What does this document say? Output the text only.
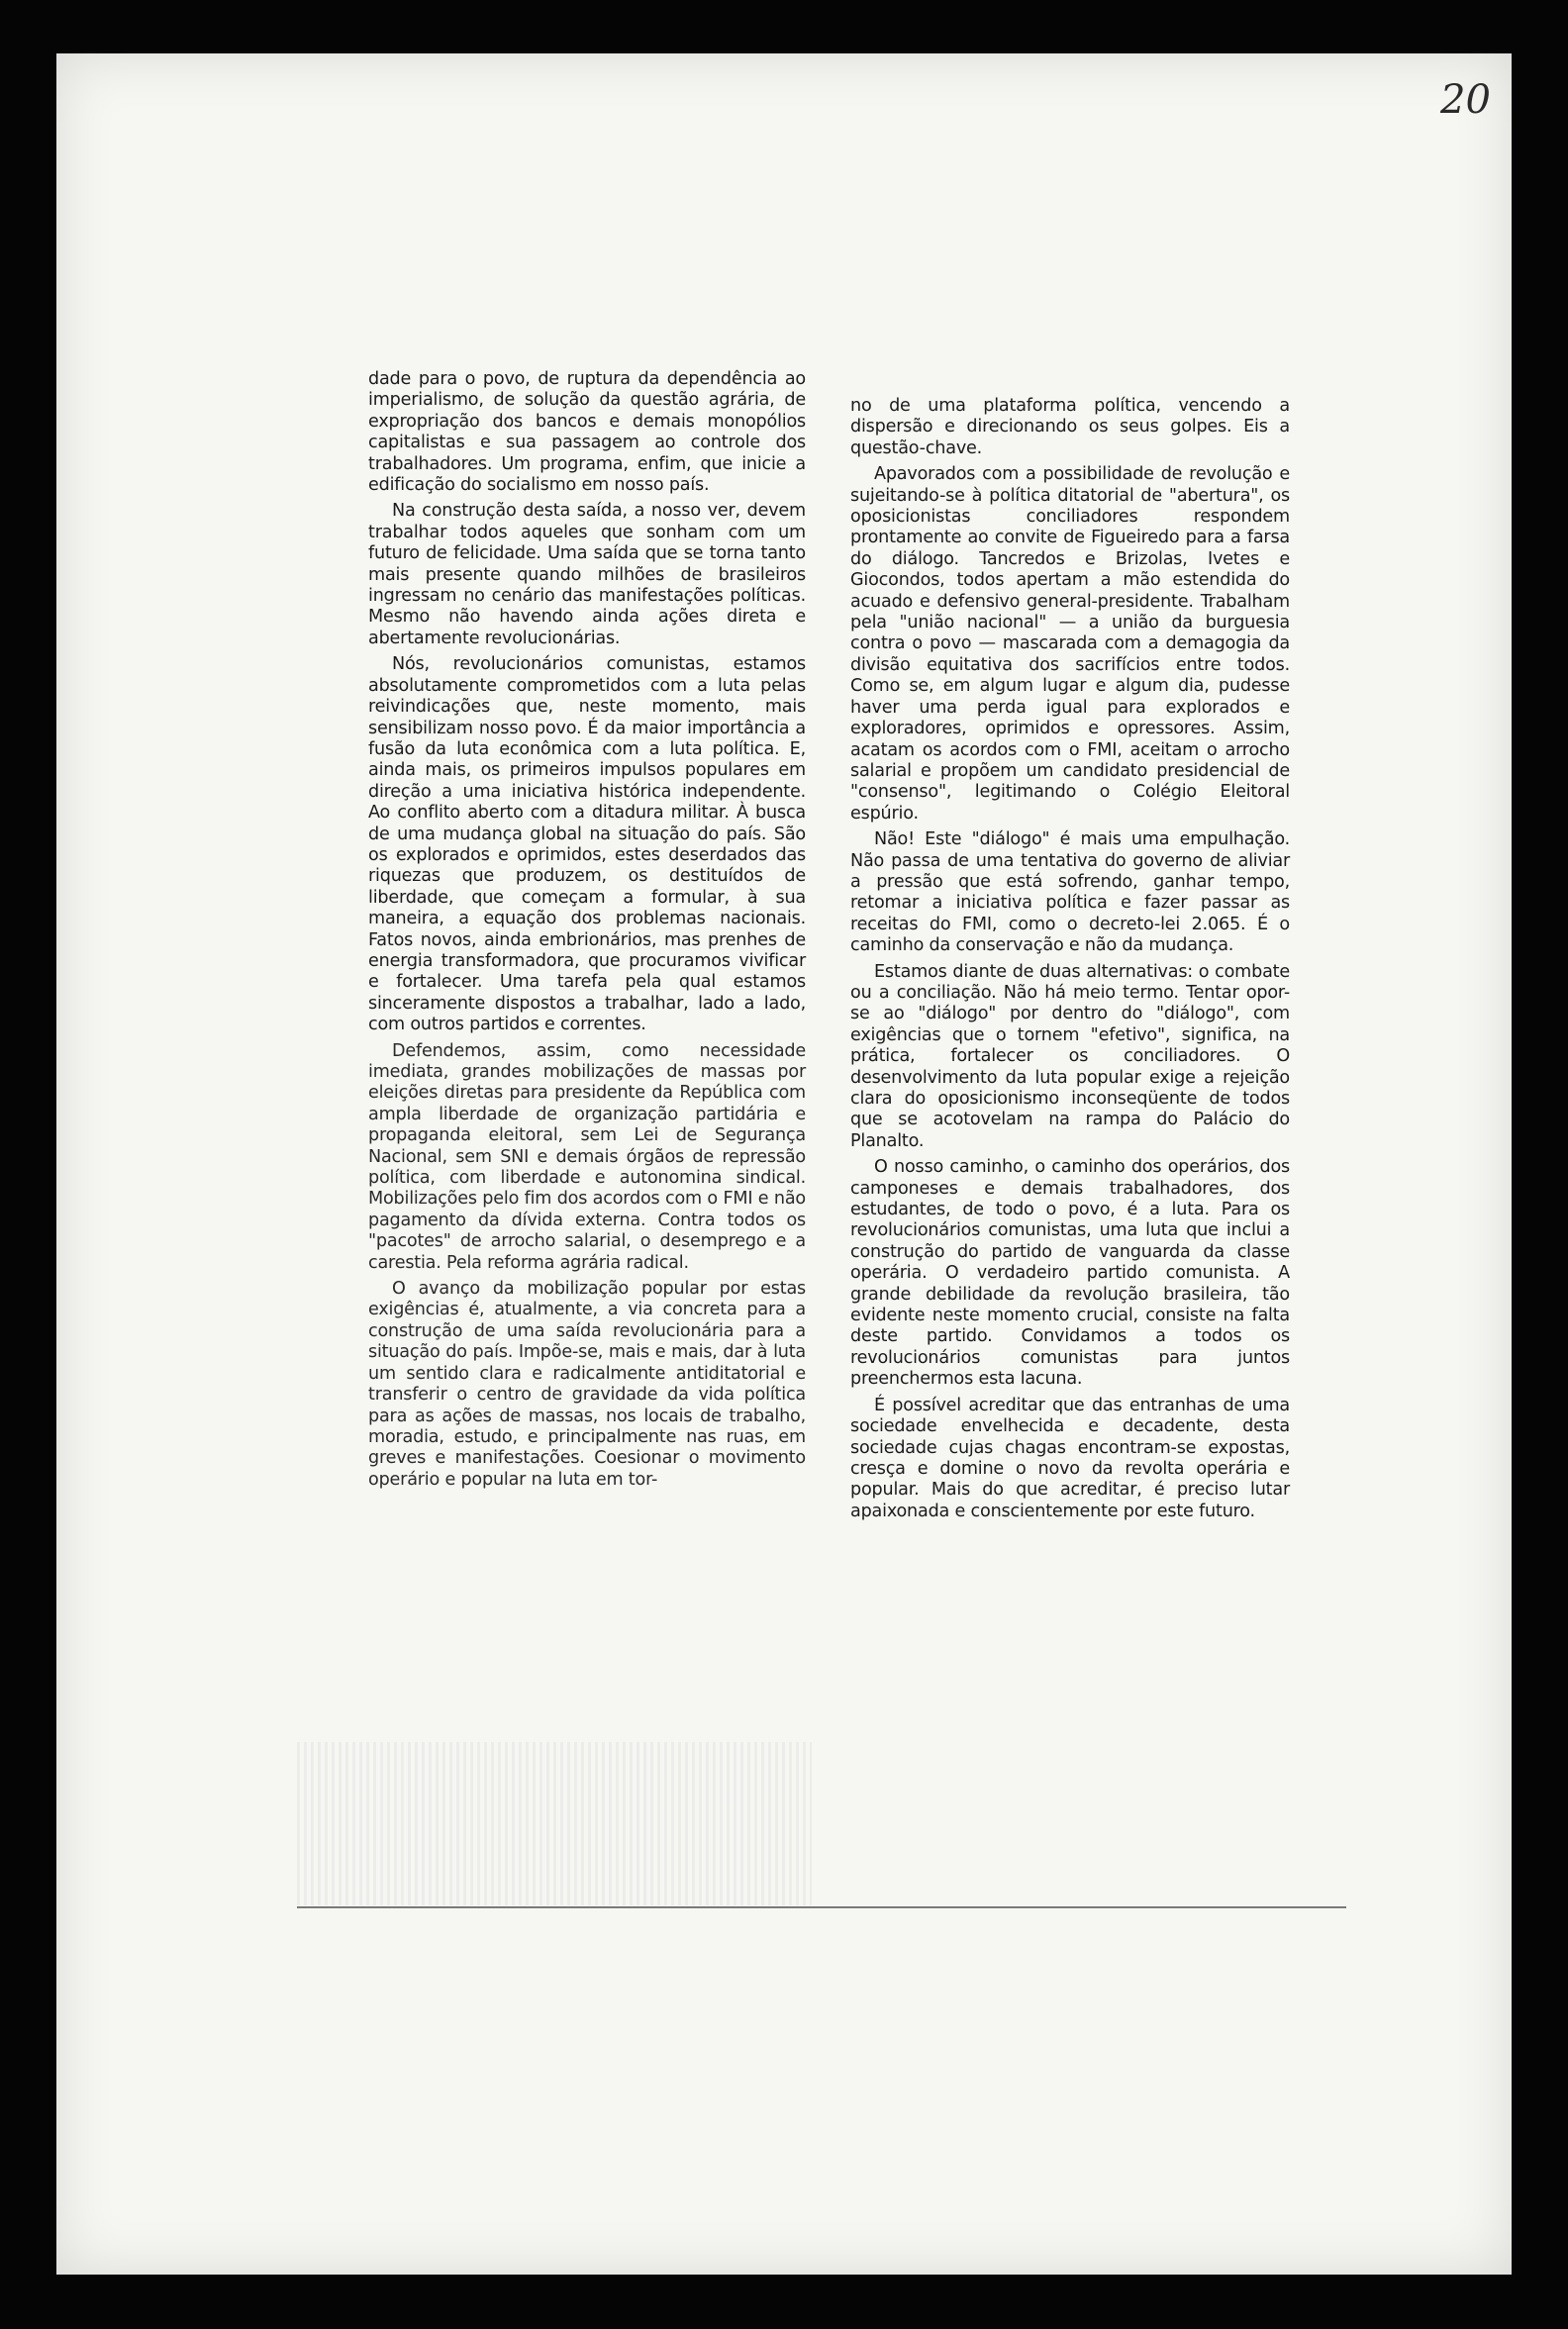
20

dade para o povo, de ruptura da dependência ao imperialismo, de solução da questão agrária, de expropriação dos bancos e demais monopólios capitalistas e sua passagem ao controle dos trabalhadores. Um programa, enfim, que inicie a edificação do socialismo em nosso país.

Na construção desta saída, a nosso ver, devem trabalhar todos aqueles que sonham com um futuro de felicidade. Uma saída que se torna tanto mais presente quando milhões de brasileiros ingressam no cenário das manifestações políticas. Mesmo não havendo ainda ações direta e abertamente revolucionárias.

Nós, revolucionários comunistas, estamos absolutamente comprometidos com a luta pelas reivindicações que, neste momento, mais sensibilizam nosso povo. É da maior importância a fusão da luta econômica com a luta política. E, ainda mais, os primeiros impulsos populares em direção a uma iniciativa histórica independente. Ao conflito aberto com a ditadura militar. À busca de uma mudança global na situação do país. São os explorados e oprimidos, estes deserdados das riquezas que produzem, os destituídos de liberdade, que começam a formular, à sua maneira, a equação dos problemas nacionais. Fatos novos, ainda embrionários, mas prenhes de energia transformadora, que procuramos vivificar e fortalecer. Uma tarefa pela qual estamos sinceramente dispostos a trabalhar, lado a lado, com outros partidos e correntes.

Defendemos, assim, como necessidade imediata, grandes mobilizações de massas por eleições diretas para presidente da República com ampla liberdade de organização partidária e propaganda eleitoral, sem Lei de Segurança Nacional, sem SNI e demais órgãos de repressão política, com liberdade e autonomina sindical. Mobilizações pelo fim dos acordos com o FMI e não pagamento da dívida externa. Contra todos os "pacotes" de arrocho salarial, o desemprego e a carestia. Pela reforma agrária radical.

O avanço da mobilização popular por estas exigências é, atualmente, a via concreta para a construção de uma saída revolucionária para a situação do país. Impõe-se, mais e mais, dar à luta um sentido clara e radicalmente antiditatorial e transferir o centro de gravidade da vida política para as ações de massas, nos locais de trabalho, moradia, estudo, e principalmente nas ruas, em greves e manifestações. Coesionar o movimento operário e popular na luta em tor-

no de uma plataforma política, vencendo a dispersão e direcionando os seus golpes. Eis a questão-chave.

Apavorados com a possibilidade de revolução e sujeitando-se à política ditatorial de "abertura", os oposicionistas conciliadores respondem prontamente ao convite de Figueiredo para a farsa do diálogo. Tancredos e Brizolas, Ivetes e Giocondos, todos apertam a mão estendida do acuado e defensivo general-presidente. Trabalham pela "união nacional" — a união da burguesia contra o povo — mascarada com a demagogia da divisão equitativa dos sacrifícios entre todos. Como se, em algum lugar e algum dia, pudesse haver uma perda igual para explorados e exploradores, oprimidos e opressores. Assim, acatam os acordos com o FMI, aceitam o arrocho salarial e propõem um candidato presidencial de "consenso", legitimando o Colégio Eleitoral espúrio.

Não! Este "diálogo" é mais uma empulhação. Não passa de uma tentativa do governo de aliviar a pressão que está sofrendo, ganhar tempo, retomar a iniciativa política e fazer passar as receitas do FMI, como o decreto-lei 2.065. É o caminho da conservação e não da mudança.

Estamos diante de duas alternativas: o combate ou a conciliação. Não há meio termo. Tentar opor-se ao "diálogo" por dentro do "diálogo", com exigências que o tornem "efetivo", significa, na prática, fortalecer os conciliadores. O desenvolvimento da luta popular exige a rejeição clara do oposicionismo inconseqüente de todos que se acotovelam na rampa do Palácio do Planalto.

O nosso caminho, o caminho dos operários, dos camponeses e demais trabalhadores, dos estudantes, de todo o povo, é a luta. Para os revolucionários comunistas, uma luta que inclui a construção do partido de vanguarda da classe operária. O verdadeiro partido comunista. A grande debilidade da revolução brasileira, tão evidente neste momento crucial, consiste na falta deste partido. Convidamos a todos os revolucionários comunistas para juntos preenchermos esta lacuna.

É possível acreditar que das entranhas de uma sociedade envelhecida e decadente, desta sociedade cujas chagas encontram-se expostas, cresça e domine o novo da revolta operária e popular. Mais do que acreditar, é preciso lutar apaixonada e conscientemente por este futuro.
